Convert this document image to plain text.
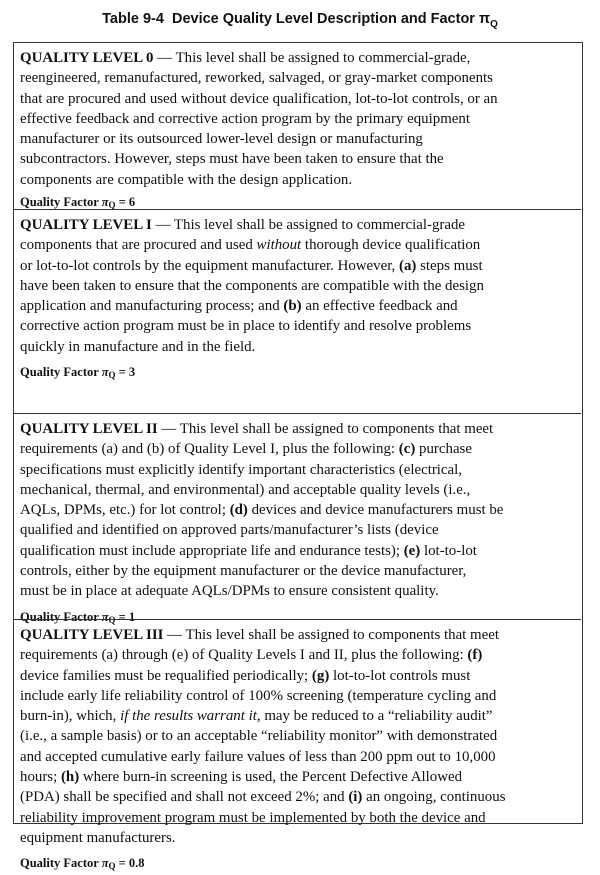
Table 9-4 Device Quality Level Description and Factor $\pi_Q$
QUALITY LEVEL 0 — This level shall be assigned to commercial-grade,
reengineered, remanufactured, reworked, salvaged, or gray-market components
that are procured and used without device qualification, lot-to-lot controls, or an
effective feedback and corrective action program by the primary equipment
manufacturer or its outsourced lower-level design or manufacturing
subcontractors. However, steps must have been taken to ensure that the
components are compatible with the design application.
Quality Factor $\pi_Q = 6$
QUALITY LEVEL I — This level shall be assigned to commercial-grade
components that are procured and used without thorough device qualification
or lot-to-lot controls by the equipment manufacturer. However, (a) steps must
have been taken to ensure that the components are compatible with the design
application and manufacturing process; and (b) an effective feedback and
corrective action program must be in place to identify and resolve problems
quickly in manufacture and in the field.
Quality Factor $\pi_Q = 3$
QUALITY LEVEL II — This level shall be assigned to components that meet
requirements (a) and (b) of Quality Level I, plus the following: (c) purchase
specifications must explicitly identify important characteristics (electrical,
mechanical, thermal, and environmental) and acceptable quality levels (i.e.,
AQLs, DPMs, etc.) for lot control; (d) devices and device manufacturers must be
qualified and identified on approved parts/manufacturer’s lists (device
qualification must include appropriate life and endurance tests); (e) lot-to-lot
controls, either by the equipment manufacturer or the device manufacturer,
must be in place at adequate AQLs/DPMs to ensure consistent quality.
Quality Factor $\pi_Q = 1$
QUALITY LEVEL III — This level shall be assigned to components that meet
requirements (a) through (e) of Quality Levels I and II, plus the following: (f)
device families must be requalified periodically; (g) lot-to-lot controls must
include early life reliability control of 100% screening (temperature cycling and
burn-in), which, if the results warrant it, may be reduced to a “reliability audit”
(i.e., a sample basis) or to an acceptable “reliability monitor” with demonstrated
and accepted cumulative early failure values of less than 200 ppm out to 10,000
hours; (h) where burn-in screening is used, the Percent Defective Allowed
(PDA) shall be specified and shall not exceed 2%; and (i) an ongoing, continuous
reliability improvement program must be implemented by both the device and
equipment manufacturers.
Quality Factor $\pi_Q = 0.8$
